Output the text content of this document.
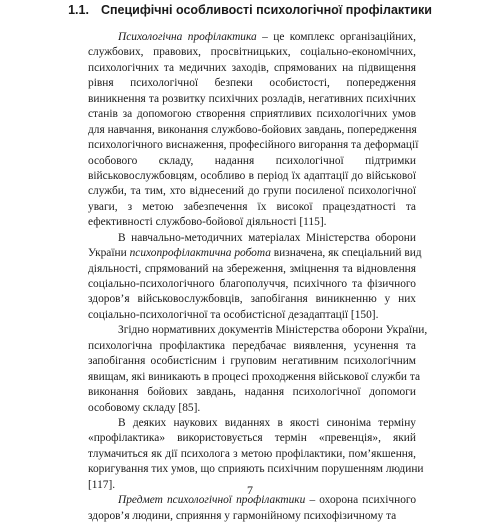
1.1. Специфічні особливості психологічної профілактики
Психологічна профілактика – це комплекс організаційних,
службових, правових, просвітницьких, соціально-економічних,
психологічних та медичних заходів, спрямованих на підвищення
рівня психологічної безпеки особистості, попередження
виникнення та розвитку психічних розладів, негативних психічних
станів за допомогою створення сприятливих психологічних умов
для навчання, виконання службово-бойових завдань, попередження
психологічного виснаження, професійного вигорання та деформації
особового складу, надання психологічної підтримки
військовослужбовцям, особливо в період їх адаптації до військової
служби, та тим, хто віднесений до групи посиленої психологічної
уваги, з метою забезпечення їх високої працездатності та
ефективності службово-бойової діяльності [115].
В навчально-методичних матеріалах Міністерства оборони
України психопрофілактична робота визначена, як спеціальний вид
діяльності, спрямований на збереження, зміцнення та відновлення
соціально-психологічного благополуччя, психічного та фізичного
здоров’я військовослужбовців, запобігання виникненню у них
соціально-психологічної та особистісної дезадаптації [150].
Згідно нормативних документів Міністерства оборони України,
психологічна профілактика передбачає виявлення, усунення та
запобігання особистісним і груповим негативним психологічним
явищам, які виникають в процесі проходження військової служби та
виконання бойових завдань, надання психологічної допомоги
особовому складу [85].
В деяких наукових виданнях в якості синоніма терміну
«профілактика» використовується термін «превенція», який
тлумачиться як дії психолога з метою профілактики, пом’якшення,
коригування тих умов, що сприяють психічним порушенням людини
[117].
Предмет психологічної профілактики – охорона психічного
здоров’я людини, сприяння у гармонійному психофізичному та
7
